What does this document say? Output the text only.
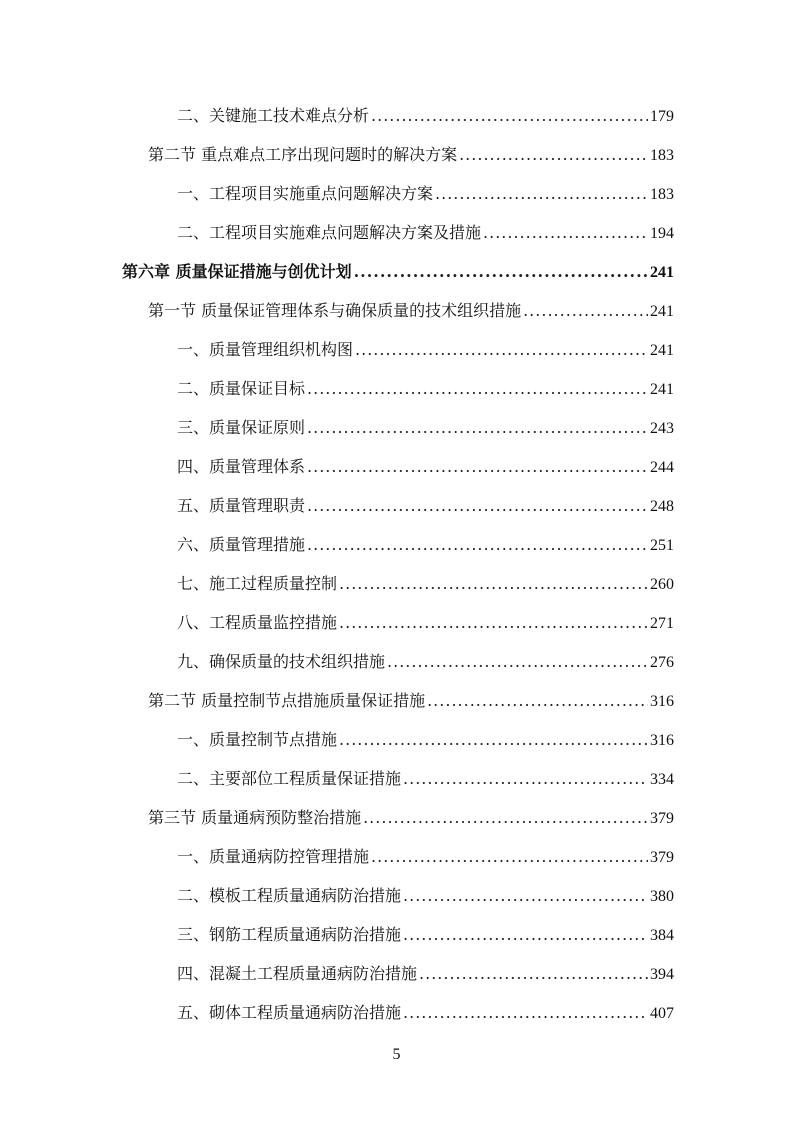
二、关键施工技术难点分析 .....	179
第二节 重点难点工序出现问题时的解决方案 .....	183
一、工程项目实施重点问题解决方案 .....	183
二、工程项目实施难点问题解决方案及措施 .....	194
第六章 质量保证措施与创优计划 .....	241
第一节 质量保证管理体系与确保质量的技术组织措施 .....	241
一、质量管理组织机构图 .....	241
二、质量保证目标 .....	241
三、质量保证原则 .....	243
四、质量管理体系 .....	244
五、质量管理职责 .....	248
六、质量管理措施 .....	251
七、施工过程质量控制 .....	260
八、工程质量监控措施 .....	271
九、确保质量的技术组织措施 .....	276
第二节 质量控制节点措施质量保证措施 .....	316
一、质量控制节点措施 .....	316
二、主要部位工程质量保证措施 .....	334
第三节 质量通病预防整治措施 .....	379
一、质量通病防控管理措施 .....	379
二、模板工程质量通病防治措施 .....	380
三、钢筋工程质量通病防治措施 .....	384
四、混凝土工程质量通病防治措施 .....	394
五、砌体工程质量通病防治措施 .....	407
5
